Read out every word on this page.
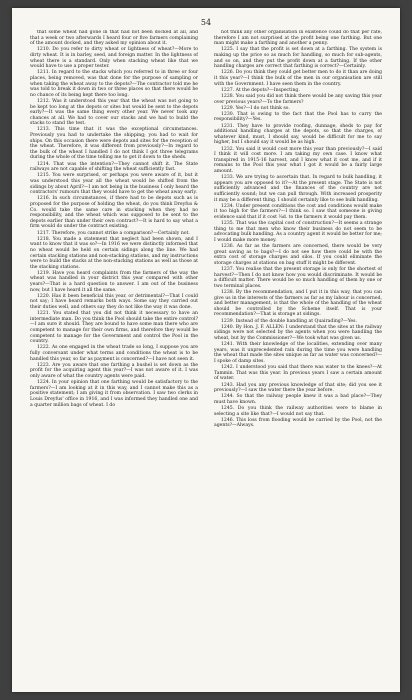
54

that some wheat had gone in that had not been docked at all, and that a week or two afterwards I heard four or five farmers complaining of the amount docked, and they asked my opinion about it.

1210. Do you refer to dirty wheat or lightness of wheat?—More to dirty wheat. It is in barley, seed, and foreign matter. In the lightness of wheat there is a standard. Only when stacking wheat like that we would have to use a proper tester.

1211. In regard to the stacks which you referred to in three or four places, being removed, was that done for the purpose of sampling or when taking the wheat away to the depots?—The contractor told me he was told to break it down in two or three places so that there would be no chance of its being kept there too long.

1212. Was it understood this year that the wheat was not going to be kept too long at the depots or sites but would be sent to the depots early?—It was the same thing every other year. We never took any chances at all. We had to cover our stacks and we had to build the stacks to stand the test.

1213. This time that it was the exceptional circumstances. Previously you had to undertake the shipping; you had to wait for ships. On this occasion there were depots and sites for the reception of the wheat. Therefore, it was different from previously?—In regard to the bulk of the wheat I handled I do not think I got three telegrams during the whole of the time telling me to get it down to the sheds.

1214. That was the intention?—They cannot shift it. The State railways are not capable of shifting the wheat sufficiently fast.

1215. You were surprised, or perhaps you were aware of it, but it was understood this year all the wheat would be shifted from the sidings by about April?—I am not being in the business I only heard the contractors' rumours that they would have to get the wheat away early.

1216. In such circumstances, if there had to be depots such as is proposed for the purpose of holding the wheat, do you think Dreyfus & Co. would take the same care in stacking when they had no responsibility, and the wheat which was supposed to be sent to the depots earlier than under their own contract?—It is hard to say what a firm would do under the contract existing.

1217. Therefore, you cannot strike a comparison?—Certainly not.

1218. You made a statement that neglect had been shown, and I want to know that it was so?—In 1916 we were distinctly informed that no wheat would be held on certain sidings along the line. We had certain stacking stations and non-stacking stations, and my instructions were to build the stacks at the non-stacking stations as well as those at the stacking stations.

1219. Have you heard complaints from the farmers of the way the wheat was handled in your district this year compared with other years?—That is a hard question to answer. I am out of the business now, but I have heard it all the same.

1220. Has it been beneficial this year, or detrimental?—That I could not say; I have heard remarks both ways. Some say they carried out their duties well, and others say they do not like the way it was done.

1221. You stated that you did not think it necessary to have an intermediate man. Do you think the Pool should take the entire control?—I am sure it should. They are bound to have some man there who are competent to manage for their own firms, and therefore they would be competent to manage for the Government and control the Pool in the country.

1222. As one engaged in the wheat trade so long, I suppose you are fully conversant under what terms and conditions the wheat is to be handled this year, so far as payment is concerned?—I have not seen it.

1223. Are you aware that one farthing a bushel is set down as the profit for the acquiring agent this year?—I was not aware of it. I was only aware of what the country agents were paid.

1224. In your opinion that one farthing would be satisfactory to the farmers?—I am looking at it in this way, and I cannot make this as a positive statement; I am giving it from observation. I saw two clerks in Louis Dreyfus' office in 1916, and I was informed they handled one and a quarter million bags of wheat. I do

not think any other organisation in existence could do that per rate, therefore I am not surprised at the profit being one farthing. But one man might make a farthing and another a penny.

1225. I say that the profit is set down at a farthing. The system is making up the price so as much for handling, so much for sub-agents, and so on, and they put the profit down at a farthing. If the other handling charges are correct that farthing is correct?—Certainly.

1226. Do you think they could get better men to do it than are doing it this year?—I think the bulk of the men in our organisation are still with the Government. I have seen them in the country.

1227. At the depots?—Inspecting.

1228. You said you did not think there would be any saving this year over previous years?—To the farmers?

1229. Yes?—I do not think so.

1230. That is owing to the fact that the Pool has to carry the responsibility?—Yes.

1231. They have to provide roofing, dunnage, sheds to pay for additional handling charges at the depots, so that the charges, of whatever kind, must, I should say, would be difficult for me to say higher, but I should say it would be as high.

1232. You said it would cost more this year than previously?—I said I think it will cost more. I am taking my own case. I know what transpired in 1915-16 harvest, and I know what it cost me, and if it remains to the Pool this year what I got it would be a fairly large amount.

1233. We are trying to ascertain that. In regard to bulk handling, it appears you are opposed to it?—At the present stage. The State is not sufficiently advanced and the finances of the country are not sufficiently sound; but we can pull through. With increased prosperity it may be a different thing. I should certainly like to see bulk handling.

1234. Under present conditions the cost and conditions would make it too high for the farmers?—I think so. I saw that someone is giving evidence said that if it cost ¼d. to the farmers it would pay them.

1235. That was the capital cost of construction?—It seems a strange thing to me that men who know their business do not seem to be advocating bulk handling. As a country agent it would be better for me; I would make more money.

1236. As far as the farmers are concerned, there would be very great saving as to bags?—I do not see how there could be with the extra cost of storage charges and silos. If you could eliminate the storage charges at stations on bag stuff it might be different.

1237. You realise that the present storage is only for the shortest of harvest?—Then I do not know how you would discriminate. It would be a difficult matter. There would be so much handling of them by one or two terminal places.

1238. By the recommendation, and I put it in this way, that you can give us in the interests of the farmers as far as my labour is concerned, and better management, is that the whole of the handling of the wheat should be controlled by the Scheme itself. That is your recommendation?—That is storage at sidings.

1239. Instead of the double handling at Quairading?—Yes.

1240. By Hon. J. F. ALLEN: I understand that the sites at the railway sidings were not selected by the agents when you were handling the wheat, but by the Commissioner?—We took what was given us.

1241. With their knowledge of the localities, extending over many years, was it unprecedented rain during the time you were handling the wheat that made the sites unique as far as water was concerned?—I spoke of damp sites.

1242. I understood you said that there was water to the knees?—At Tammin. That was this year. In previous years I saw a certain amount of water.

1243. Had you any previous knowledge of that site; did you see it previously?—I saw the water there the year before.

1244. So that the railway people knew it was a bad place?—They must have known.

1245. Do you think the railway authorities were to blame in selecting a site like that?—I would not say that.

1246. This loss from flooding would be carried by the Pool, not the agents?—Always.
